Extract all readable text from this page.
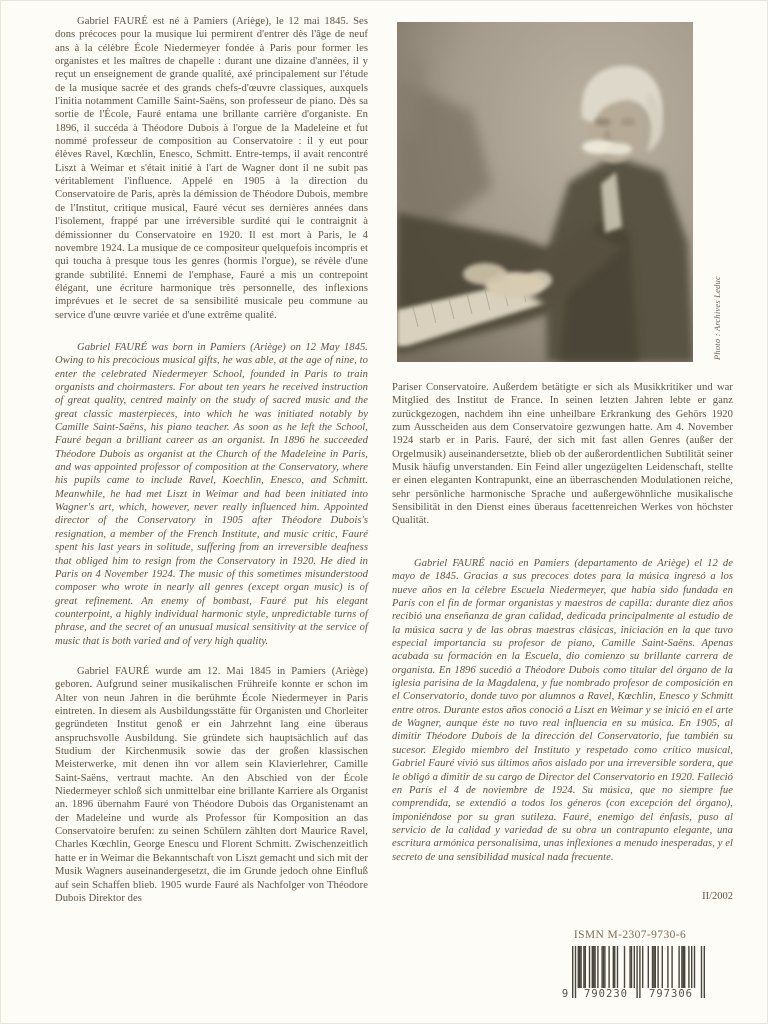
Gabriel FAURÉ est né à Pamiers (Ariège), le 12 mai 1845. Ses dons précoces pour la musique lui permirent d'entrer dès l'âge de neuf ans à la célèbre École Niedermeyer fondée à Paris pour former les organistes et les maîtres de chapelle : durant une dizaine d'années, il y reçut un enseignement de grande qualité, axé principalement sur l'étude de la musique sacrée et des grands chefs-d'œuvre classiques, auxquels l'initia notamment Camille Saint-Saëns, son professeur de piano. Dès sa sortie de l'École, Fauré entama une brillante carrière d'organiste. En 1896, il succéda à Théodore Dubois à l'orgue de la Madeleine et fut nommé professeur de composition au Conservatoire : il y eut pour élèves Ravel, Kœchlin, Enesco, Schmitt. Entre-temps, il avait rencontré Liszt à Weimar et s'était initié à l'art de Wagner dont il ne subit pas véritablement l'influence. Appelé en 1905 à la direction du Conservatoire de Paris, après la démission de Théodore Dubois, membre de l'Institut, critique musical, Fauré vécut ses dernières années dans l'isolement, frappé par une irréversible surdité qui le contraignit à démissionner du Conservatoire en 1920. Il est mort à Paris, le 4 novembre 1924. La musique de ce compositeur quelquefois incompris et qui toucha à presque tous les genres (hormis l'orgue), se révèle d'une grande subtilité. Ennemi de l'emphase, Fauré a mis un contrepoint élégant, une écriture harmonique très personnelle, des inflexions imprévues et le secret de sa sensibilité musicale peu commune au service d'une œuvre variée et d'une extrême qualité.

Gabriel FAURÉ was born in Pamiers (Ariège) on 12 May 1845. Owing to his precocious musical gifts, he was able, at the age of nine, to enter the celebrated Niedermeyer School, founded in Paris to train organists and choirmasters. For about ten years he received instruction of great quality, centred mainly on the study of sacred music and the great classic masterpieces, into which he was initiated notably by Camille Saint-Saëns, his piano teacher. As soon as he left the School, Fauré began a brilliant career as an organist. In 1896 he succeeded Théodore Dubois as organist at the Church of the Madeleine in Paris, and was appointed professor of composition at the Conservatory, where his pupils came to include Ravel, Koechlin, Enesco, and Schmitt. Meanwhile, he had met Liszt in Weimar and had been initiated into Wagner's art, which, however, never really influenced him. Appointed director of the Conservatory in 1905 after Théodore Dubois's resignation, a member of the French Institute, and music critic, Fauré spent his last years in solitude, suffering from an irreversible deafness that obliged him to resign from the Conservatory in 1920. He died in Paris on 4 November 1924. The music of this sometimes misunderstood composer who wrote in nearly all genres (except organ music) is of great refinement. An enemy of bombast, Fauré put his elegant counterpoint, a highly individual harmonic style, unpredictable turns of phrase, and the secret of an unusual musical sensitivity at the service of music that is both varied and of very high quality.

Gabriel FAURÉ wurde am 12. Mai 1845 in Pamiers (Ariège) geboren. Aufgrund seiner musikalischen Frühreife konnte er schon im Alter von neun Jahren in die berühmte École Niedermeyer in Paris eintreten. In diesem als Ausbildungsstätte für Organisten und Chorleiter gegründeten Institut genoß er ein Jahrzehnt lang eine überaus anspruchsvolle Ausbildung. Sie gründete sich hauptsächlich auf das Studium der Kirchenmusik sowie das der großen klassischen Meisterwerke, mit denen ihn vor allem sein Klavierlehrer, Camille Saint-Saëns, vertraut machte. An den Abschied von der École Niedermeyer schloß sich unmittelbar eine brillante Karriere als Organist an. 1896 übernahm Fauré von Théodore Dubois das Organistenamt an der Madeleine und wurde als Professor für Komposition an das Conservatoire berufen: zu seinen Schülern zählten dort Maurice Ravel, Charles Kœchlin, George Enescu und Florent Schmitt. Zwischenzeitlich hatte er in Weimar die Bekanntschaft von Liszt gemacht und sich mit der Musik Wagners auseinandergesetzt, die im Grunde jedoch ohne Einfluß auf sein Schaffen blieb. 1905 wurde Fauré als Nachfolger von Théodore Dubois Direktor des

Photo : Archives Leduc

Pariser Conservatoire. Außerdem betätigte er sich als Musikkritiker und war Mitglied des Institut de France. In seinen letzten Jahren lebte er ganz zurückgezogen, nachdem ihn eine unheilbare Erkrankung des Gehörs 1920 zum Ausscheiden aus dem Conservatoire gezwungen hatte. Am 4. November 1924 starb er in Paris. Fauré, der sich mit fast allen Genres (außer der Orgelmusik) auseinandersetzte, blieb ob der außerordentlichen Subtilität seiner Musik häufig unverstanden. Ein Feind aller ungezügelten Leidenschaft, stellte er einen eleganten Kontrapunkt, eine an überraschenden Modulationen reiche, sehr persönliche harmonische Sprache und außergewöhnliche musikalische Sensibilität in den Dienst eines überaus facettenreichen Werkes von höchster Qualität.

Gabriel FAURÉ nació en Pamiers (departamento de Ariège) el 12 de mayo de 1845. Gracias a sus precoces dotes para la música ingresó a los nueve años en la célebre Escuela Niedermeyer, que había sido fundada en París con el fin de formar organistas y maestros de capilla: durante diez años recibió una enseñanza de gran calidad, dedicada principalmente al estudio de la música sacra y de las obras maestras clásicas, iniciación en la que tuvo especial importancia su profesor de piano, Camille Saint-Saëns. Apenas acabada su formación en la Escuela, dio comienzo su brillante carrera de organista. En 1896 sucedió a Théodore Dubois como titular del órgano de la iglesia parisina de la Magdalena, y fue nombrado profesor de composición en el Conservatorio, donde tuvo por alumnos a Ravel, Kœchlin, Enesco y Schmitt entre otros. Durante estos años conoció a Liszt en Weimar y se inició en el arte de Wagner, aunque éste no tuvo real influencia en su música. En 1905, al dimitir Théodore Dubois de la dirección del Conservatorio, fue también su sucesor. Elegido miembro del Instituto y respetado como crítico musical, Gabriel Fauré vivió sus últimos años aislado por una irreversible sordera, que le obligó a dimitir de su cargo de Director del Conservatorio en 1920. Falleció en París el 4 de noviembre de 1924. Su música, que no siempre fue comprendida, se extendió a todos los géneros (con excepción del órgano), imponiéndose por su gran sutileza. Fauré, enemigo del énfasis, puso al servicio de la calidad y variedad de su obra un contrapunto elegante, una escritura armónica personalísima, unas inflexiones a menudo inesperadas, y el secreto de una sensibilidad musical nada frecuente.

II/2002
ISMN M-2307-9730-6
9	790230	797306
